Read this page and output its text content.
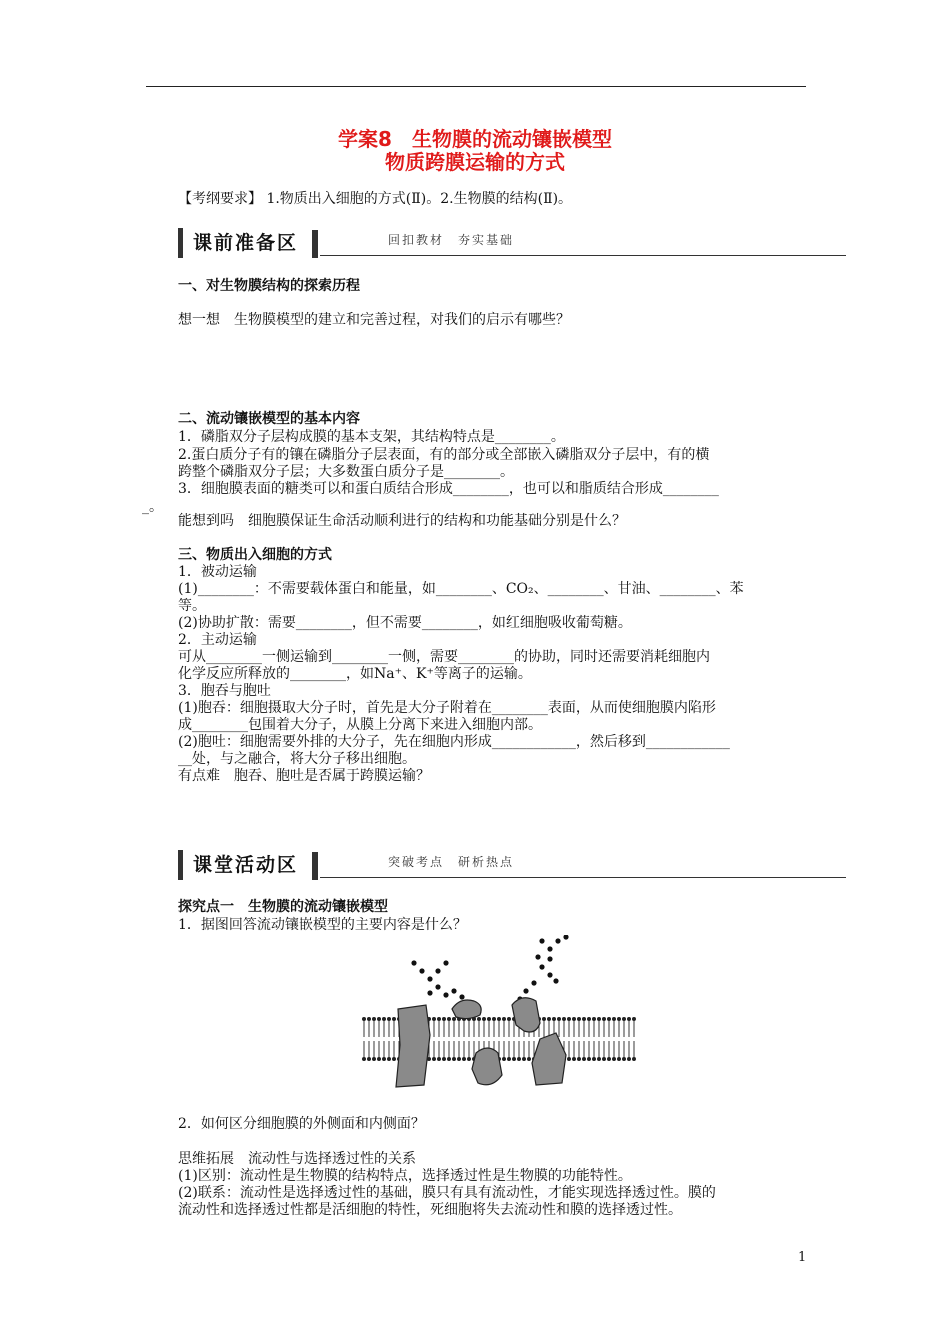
学案8　生物膜的流动镶嵌模型
物质跨膜运输的方式
【考纲要求】 1.物质出入细胞的方式(Ⅱ)。2.生物膜的结构(Ⅱ)。
课前准备区	回扣教材　夯实基础
一、对生物膜结构的探索历程
想一想　生物膜模型的建立和完善过程，对我们的启示有哪些？
二、流动镶嵌模型的基本内容
1．磷脂双分子层构成膜的基本支架，其结构特点是________。
2.蛋白质分子有的镶在磷脂分子层表面，有的部分或全部嵌入磷脂双分子层中，有的横
跨整个磷脂双分子层；大多数蛋白质分子是________。
3．细胞膜表面的糖类可以和蛋白质结合形成________，也可以和脂质结合形成________
_。
能想到吗　细胞膜保证生命活动顺利进行的结构和功能基础分别是什么？
三、物质出入细胞的方式
1．被动运输
(1)________：不需要载体蛋白和能量，如________、CO₂、________、甘油、________、苯
等。
(2)协助扩散：需要________，但不需要________，如红细胞吸收葡萄糖。
2．主动运输
可从________一侧运输到________一侧，需要________的协助，同时还需要消耗细胞内
化学反应所释放的________，如Na⁺、K⁺等离子的运输。
3．胞吞与胞吐
(1)胞吞：细胞摄取大分子时，首先是大分子附着在________表面，从而使细胞膜内陷形
成________包围着大分子，从膜上分离下来进入细胞内部。
(2)胞吐：细胞需要外排的大分子，先在细胞内形成____________，然后移到____________
__处，与之融合，将大分子移出细胞。
有点难　胞吞、胞吐是否属于跨膜运输？
课堂活动区	突破考点　研析热点
探究点一　生物膜的流动镶嵌模型
1．据图回答流动镶嵌模型的主要内容是什么？
2．如何区分细胞膜的外侧面和内侧面？
思维拓展　流动性与选择透过性的关系
(1)区别：流动性是生物膜的结构特点，选择透过性是生物膜的功能特性。
(2)联系：流动性是选择透过性的基础，膜只有具有流动性，才能实现选择透过性。膜的
流动性和选择透过性都是活细胞的特性，死细胞将失去流动性和膜的选择透过性。
1
